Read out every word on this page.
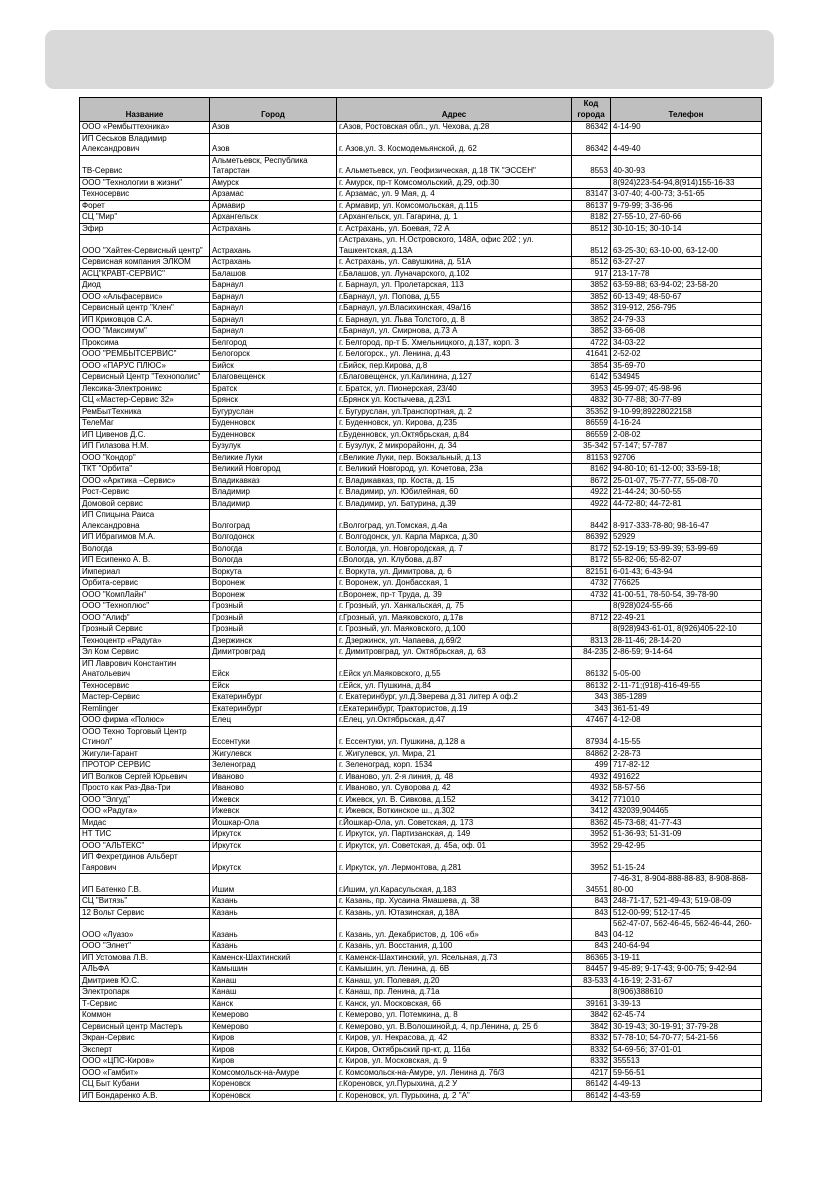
Название	Город	Адрес	Код города	Телефон
ООО «Рембыттехника»	Азов	г.Азов, Ростовская обл., ул. Чехова, д.28	86342	4-14-90
ИП Сеськов Владимир Александрович	Азов	г. Азов,ул. З. Космодемьянской, д. 62	86342	4-49-40
ТВ-Сервис	Альметьевск, Республика Татарстан	г. Альметьевск, ул. Геофизическая, д.18 ТК "ЭССЕН"	8553	40-30-93
ООО "Технологии в жизни"	Амурск	г. Амурск, пр-т Комсомольский, д.29, оф.30		8(924)223-54-94,8(914)155-16-33
Техносервис	Арзамас	г. Арзамас, ул. 9 Мая, д. 4	83147	3-07-40; 4-00-73; 3-51-65
Форет	Армавир	г. Армавир, ул. Комсомольская, д.115	86137	9-79-99; 3-36-96
СЦ "Мир"	Архангельск	г.Архангельск, ул. Гагарина, д. 1	8182	27-55-10, 27-60-66
Эфир	Астрахань	г. Астрахань, ул. Боевая, 72 А	8512	30-10-15; 30-10-14
ООО "Хайтек-Сервисный центр"	Астрахань	г.Астрахань, ул. Н.Островского, 148А, офис 202 ; ул. Ташкентская, д.13А	8512	63-25-30; 63-10-00, 63-12-00
Сервисная компания ЭЛКОМ	Астрахань	г. Астрахань, ул. Савушкина, д. 51А	8512	63-27-27
АСЦ"КРАВТ-СЕРВИС"	Балашов	г.Балашов, ул. Луначарского, д.102	917	213-17-78
Диод	Барнаул	г. Барнаул, ул. Пролетарская, 113	3852	63-59-88; 63-94-02; 23-58-20
ООО «Альфасервис»	Барнаул	г.Барнаул, ул. Попова, д.55	3852	60-13-49; 48-50-67
Сервисный центр "Клен"	Барнаул	г.Барнаул, ул.Власихинская, 49а/16	3852	319-912, 256-795
ИП Криковцов С.А.	Барнаул	г. Барнаул, ул. Льва Толстого, д. 8	3852	24-79-33
ООО "Максимум"	Барнаул	г.Барнаул, ул. Смирнова, д.73 А	3852	33-66-08
Проксима	Белгород	г. Белгород, пр-т Б. Хмельницкого, д.137, корп. 3	4722	34-03-22
ООО "РЕМБЫТСЕРВИС"	Белогорск	г. Белогорск., ул. Ленина, д.43	41641	2-52-02
ООО «ПАРУС ПЛЮС»	Бийск	г.Бийск, пер.Кирова, д.8	3854	35-69-70
Сервисный Центр "Технополис"	Благовещенск	г.Благовещенск, ул.Калинина, д.127	6142	534945
Лексика-Электроникс	Братск	г. Братск, ул. Пионерская, 23/40	3953	45-99-07; 45-98-96
СЦ «Мастер-Сервис 32»	Брянск	г.Брянск ул. Костычева, д.23\1	4832	30-77-88; 30-77-89
РемБытТехника	Бугуруслан	г. Бугуруслан, ул.Транспортная, д. 2	35352	9-10-99;89228022158
ТелеМаг	Буденновск	г. Буденновск, ул. Кирова, д.235	86559	4-16-24
ИП Цивенов Д.С.	Буденновск	г.Буденновск, ул.Октябрьская, д.84	86559	2-08-02
ИП Гилазова Н.М.	Бузулук	г. Бузулук, 2 микрорайонн, д. 34	35-342	57-147; 57-787
ООО "Кондор"	Великие Луки	г.Великие Луки, пер. Вокзальный, д.13	81153	92706
ТКТ "Орбита"	Великий Новгород	г. Великий Новгород, ул. Кочетова, 23а	8162	94-80-10; 61-12-00; 33-59-18;
ООО «Арктика –Сервис»	Владикавказ	г. Владикавказ, пр. Коста, д. 15	8672	25-01-07, 75-77-77, 55-08-70
Рост-Сервис	Владимир	г. Владимир, ул. Юбилейная, 60	4922	21-44-24; 30-50-55
Домовой сервис	Владимир	г. Владимир, ул. Батурина, д.39	4922	44-72-80; 44-72-81
ИП Спицына Раиса Александровна	Волгоград	г.Волгоград, ул.Томская, д.4а	8442	8-917-333-78-80; 98-16-47
ИП Ибрагимов М.А.	Волгодонск	г. Волгодонск, ул. Карла Маркса, д.30	86392	52929
Вологда	Вологда	г. Вологда, ул. Новгородская, д. 7	8172	52-19-19; 53-99-39; 53-99-69
ИП Есипенко А. В.	Вологда	г.Вологда, ул. Клубова, д.87	8172	55-82-06; 55-82-07
Империал	Воркута	г. Воркута, ул. Димитрова, д. 6	82151	6-01-43; 6-43-94
Орбита-сервис	Воронеж	г. Воронеж, ул. Донбасская, 1	4732	776625
ООО "КомпЛайн"	Воронеж	г.Воронеж, пр-т Труда, д. 39	4732	41-00-51, 78-50-54, 39-78-90
ООО "Техноплюс"	Грозный	г. Грозный, ул. Ханкальская, д. 75		8(928)024-55-66
ООО "Алиф"	Грозный	г.Грозный, ул. Маяковского, д.17в	8712	22-49-21
Грозный Сервис	Грозный	г. Грозный, ул. Маяковского, д.100		8(928)943-61-01, 8(926)405-22-10
Техноцентр «Радуга»	Дзержинск	г. Дзержинск, ул. Чапаева, д.69/2	8313	28-11-46; 28-14-20
Эл Ком Сервис	Димитровград	г. Димитровград, ул. Октябрьская, д. 63	84-235	2-86-59; 9-14-64
ИП Лаврович Константин Анатольевич	Ейск	г.Ейск ул.Маяковского, д.55	86132	5-05-00
Техносервис	Ейск	г.Ейск, ул. Пушкина, д.84	86132	2-11-71;(918)-416-49-55
Мастер-Сервис	Екатеринбург	г. Екатеринбург, ул.Д.Зверева д.31 литер А оф.2	343	385-1289
Remlinger	Екатеринбург	г.Екатеринбург, Трактористов, д.19	343	361-51-49
ООО фирма «Полюс»	Елец	г.Елец, ул.Октябрьская, д.47	47467	4-12-08
ООО Техно Торговый Центр Стинол"	Ессентуки	г. Ессентуки, ул. Пушкина, д.128 а	87934	4-15-55
Жигули-Гарант	Жигулевск	г. Жигулевск, ул. Мира, 21	84862	2-28-73
ПРОТОР СЕРВИС	Зеленоград	г. Зеленоград, корп. 1534	499	717-82-12
ИП Волков Сергей Юрьевич	Иваново	г. Иваново, ул. 2-я линия, д. 48	4932	491622
Просто как Раз-Два-Три	Иваново	г. Иваново, ул. Суворова д. 42	4932	58-57-56
ООО "Элгуд"	Ижевск	г. Ижевск, ул. В. Сивкова, д.152	3412	771010
ООО «Радуга»	Ижевск	г. Ижевск, Воткинское ш., д.302	3412	432039,904465
Мидас	Йошкар-Ола	г.Йошкар-Ола, ул. Советская, д. 173	8362	45-73-68; 41-77-43
НТ ТИС	Иркутск	г. Иркутск, ул. Партизанская, д. 149	3952	51-36-93; 51-31-09
ООО "АЛЬТЕКС"	Иркутск	г. Иркутск, ул. Советская, д. 45а, оф. 01	3952	29-42-95
ИП Фехретдинов Альберт Гаярович	Иркутск	г. Иркутск, ул. Лермонтова, д.281	3952	51-15-24
ИП Батенко Г.В.	Ишим	г.Ишим, ул.Карасульская, д.183	34551	7-46-31, 8-904-888-88-83, 8-908-868-80-00
СЦ "Витязь"	Казань	г. Казань, пр. Хусаина Ямашева, д. 38	843	248-71-17, 521-49-43; 519-08-09
12 Вольт Сервис	Казань	г. Казань, ул. Ютазинская, д.18А	843	512-00-99; 512-17-45
ООО «Луазо»	Казань	г. Казань, ул. Декабристов, д. 106 «б»	843	562-47-07, 562-46-45, 562-46-44, 260-04-12
ООО "Элнет"	Казань	г. Казань, ул. Восстания, д.100	843	240-64-94
ИП Устомова Л.В.	Каменск-Шахтинский	г. Каменск-Шахтинский, ул. Ясельная, д.73	86365	3-19-11
АЛЬФА	Камышин	г. Камышин, ул. Ленина, д. 6В	84457	9-45-89; 9-17-43; 9-00-75; 9-42-94
Дмитриев Ю.С.	Канаш	г. Канаш, ул. Полевая, д.20	83-533	4-16-19; 2-31-67
Электропарк	Канаш	г. Канаш, пр. Ленина, д.71а		8(906)388610
Т-Сервис	Канск	г. Канск, ул. Московская, 66	39161	3-39-13
Коммон	Кемерово	г. Кемерово, ул. Потемкина, д. 8	3842	62-45-74
Сервисный центр Мастеръ	Кемерово	г. Кемерово, ул. В.Волошиной,д. 4, пр.Ленина, д. 25 б	3842	30-19-43; 30-19-91; 37-79-28
Экран-Сервис	Киров	г. Киров, ул. Некрасова, д. 42	8332	57-78-10; 54-70-77; 54-21-56
Эксперт	Киров	г. Киров, Октябрьский пр-кт, д. 116а	8332	54-69-56; 37-01-01
ООО «ЦПС-Киров»	Киров	г. Киров, ул. Московская, д. 9	8332	355513
ООО «Гамбит»	Комсомольск-на-Амуре	г. Комсомольск-на-Амуре, ул. Ленина д. 76/3	4217	59-56-51
СЦ Быт Кубани	Кореновск	г.Кореновск, ул.Пурыхина, д.2 У	86142	4-49-13
ИП Бондаренко А.В.	Кореновск	г. Кореновск, ул. Пурыхина, д. 2 "А"	86142	4-43-59
